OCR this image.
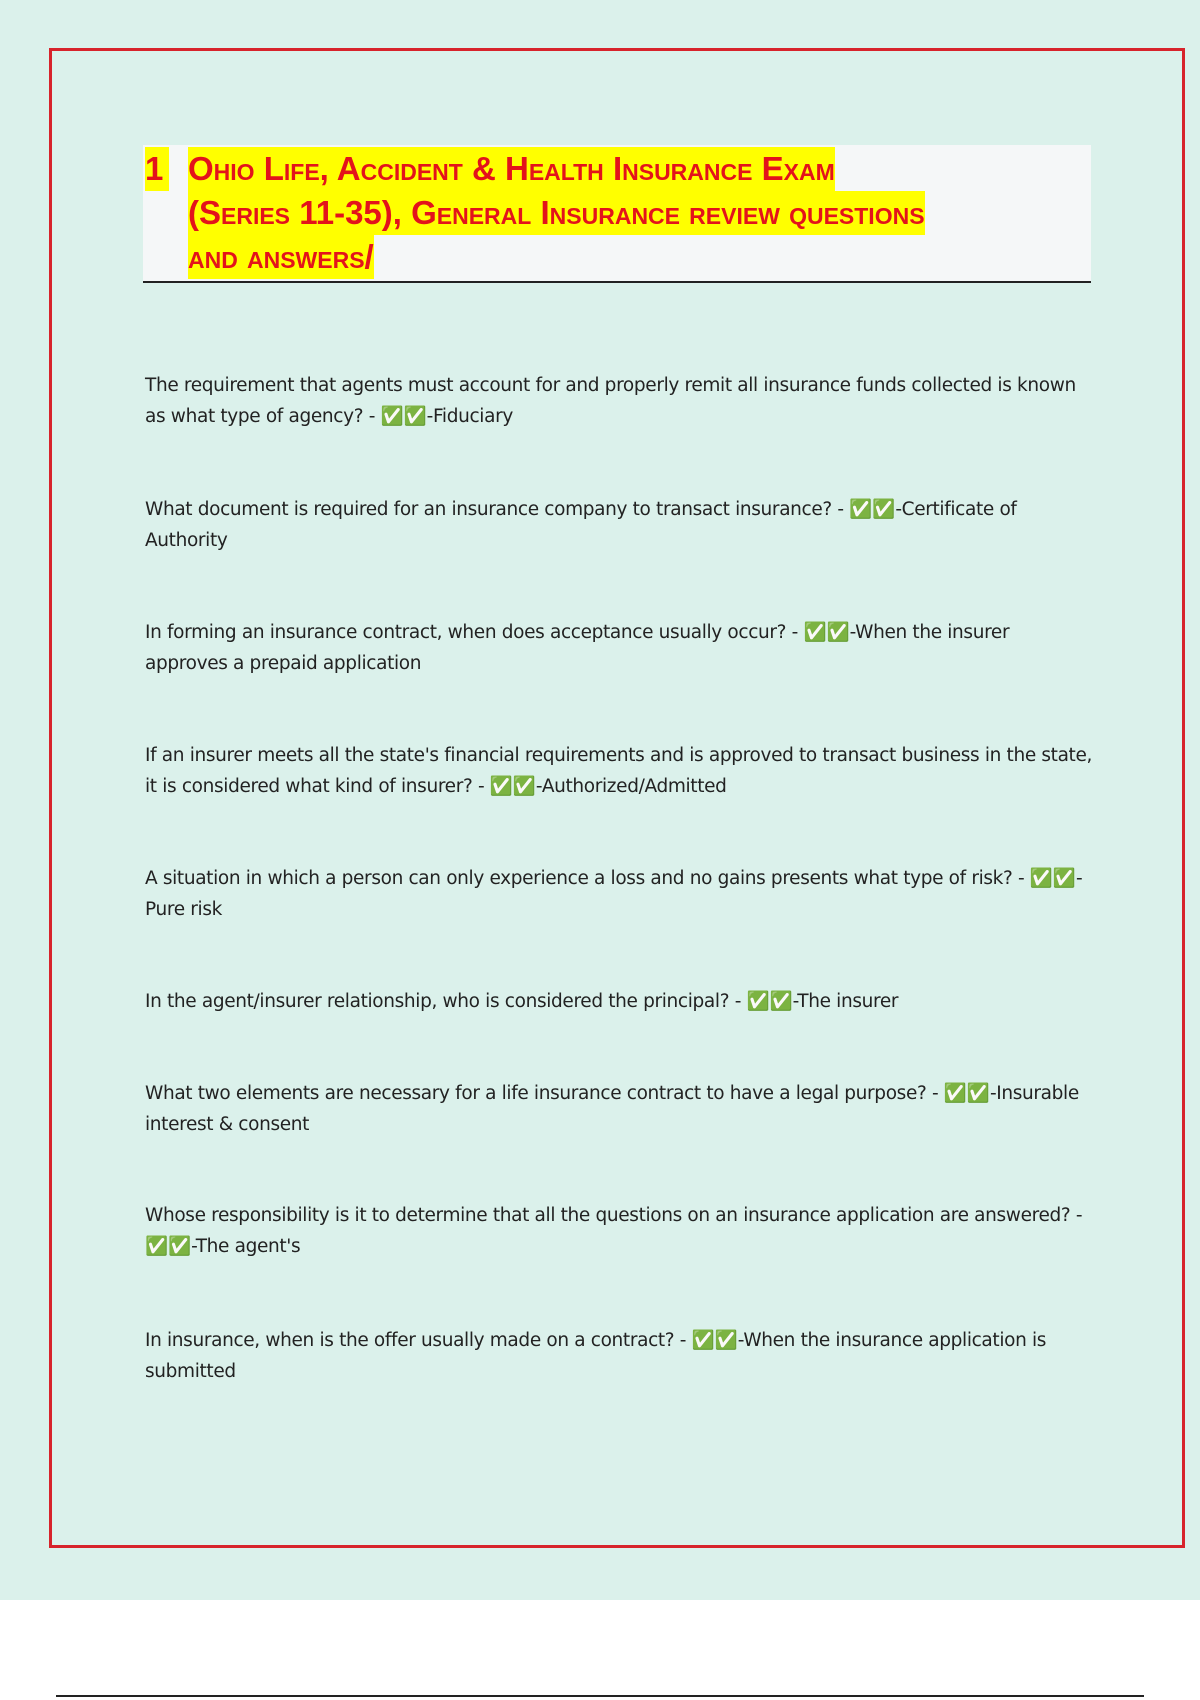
1 Ohio Life, Accident & Health Insurance Exam
(Series 11-35), General Insurance review questions
and answers/

The requirement that agents must account for and properly remit all insurance funds collected is known as what type of agency? - ✅✅-Fiduciary

What document is required for an insurance company to transact insurance? - ✅✅-Certificate of Authority

In forming an insurance contract, when does acceptance usually occur? - ✅✅-When the insurer approves a prepaid application

If an insurer meets all the state's financial requirements and is approved to transact business in the state, it is considered what kind of insurer? - ✅✅-Authorized/Admitted

A situation in which a person can only experience a loss and no gains presents what type of risk? - ✅✅-Pure risk

In the agent/insurer relationship, who is considered the principal? - ✅✅-The insurer

What two elements are necessary for a life insurance contract to have a legal purpose? - ✅✅-Insurable interest & consent

Whose responsibility is it to determine that all the questions on an insurance application are answered? - ✅✅-The agent's

In insurance, when is the offer usually made on a contract? - ✅✅-When the insurance application is submitted
